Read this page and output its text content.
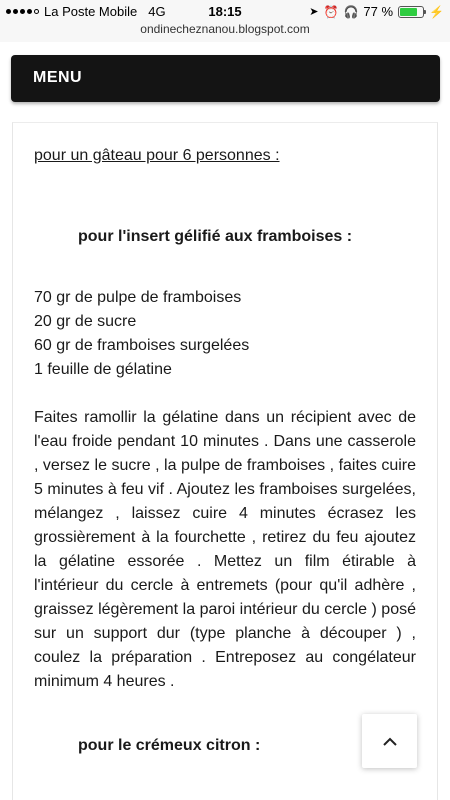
La Poste Mobile 4G	18:15	➤ ⏰ 🎧 77 %	⚡
ondinecheznanou.blogspot.com
MENU
pour un gâteau pour 6 personnes :
pour l'insert gélifié aux framboises :
70 gr de pulpe de framboises
20 gr de sucre
60 gr de framboises surgelées
1 feuille de gélatine
Faites ramollir la gélatine dans un récipient avec de l'eau froide pendant 10 minutes . Dans une casserole , versez le sucre , la pulpe de framboises , faites cuire 5 minutes à feu vif . Ajoutez les framboises surgelées, mélangez , laissez cuire 4 minutes écrasez les grossièrement à la fourchette , retirez du feu ajoutez la gélatine essorée . Mettez un film étirable à l'intérieur du cercle à entremets (pour qu'il adhère , graissez légèrement la paroi intérieur du cercle ) posé sur un support dur (type planche à découper ) , coulez la préparation . Entreposez au congélateur minimum 4 heures .
pour le crémeux citron :
